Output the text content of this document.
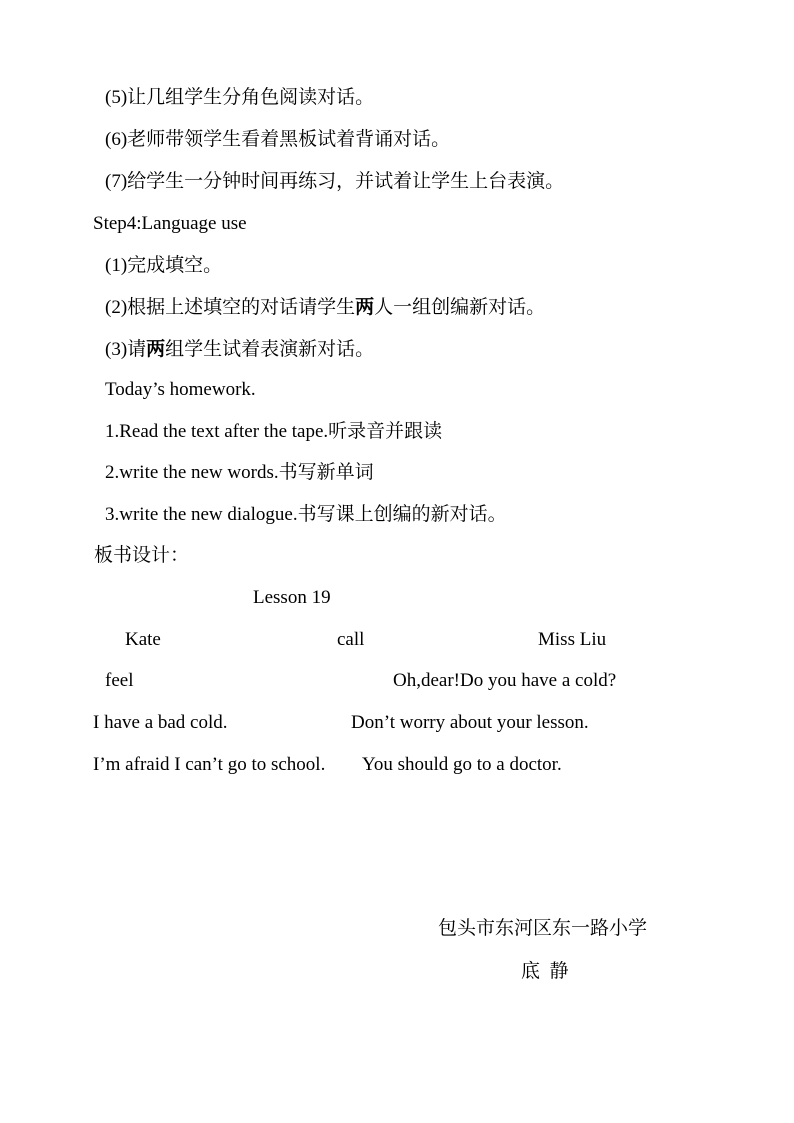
(5)让几组学生分角色阅读对话。
(6)老师带领学生看着黑板试着背诵对话。
(7)给学生一分钟时间再练习，并试着让学生上台表演。
Step4:Language use
(1)完成填空。
(2)根据上述填空的对话请学生两人一组创编新对话。
(3)请两组学生试着表演新对话。
Today’s homework.
1.Read the text after the tape.听录音并跟读
2.write the new words.书写新单词
3.write the new dialogue.书写课上创编的新对话。
板书设计：
Lesson 19
Kate	call	Miss Liu
feel	Oh,dear!Do you have a cold?
I have a bad cold.	Don’t worry about your lesson.
I’m afraid I can’t go to school. You should go to a doctor.
包头市东河区东一路小学
底  静
